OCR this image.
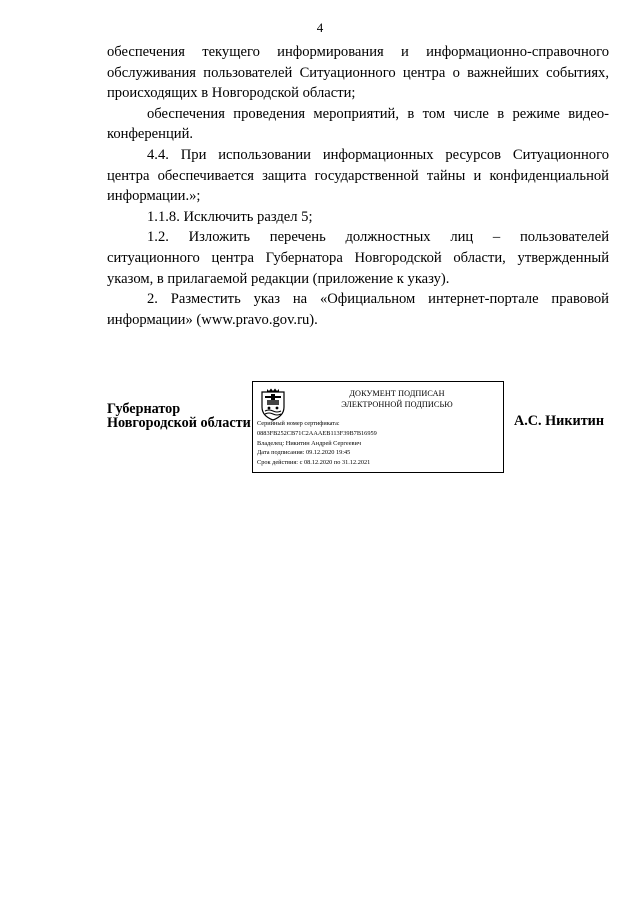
4

обеспечения текущего информирования и информационно-справочного обслуживания пользователей Ситуационного центра о важнейших событиях, происходящих в Новгородской области;

обеспечения проведения мероприятий, в том числе в режиме видео-конференций.

4.4. При использовании информационных ресурсов Ситуационного центра обеспечивается защита государственной тайны и конфиденциальной информации.»;

1.1.8. Исключить раздел 5;

1.2. Изложить перечень должностных лиц – пользователей ситуационного центра Губернатора Новгородской области, утвержденный указом, в прилагаемой редакции (приложение к указу).

2. Разместить указ на «Официальном интернет-портале правовой информации» (www.pravo.gov.ru).

Губернатор
Новгородской области
ДОКУМЕНТ ПОДПИСАН
ЭЛЕКТРОННОЙ ПОДПИСЬЮ
Серийный номер сертификата:
0883FB252CB71C2AAAEB113F39B7B16959
Владелец: Никитин Андрей Сергеевич
Дата подписания: 09.12.2020 19:45
Срок действия: с 08.12.2020 по 31.12.2021
А.С. Никитин
